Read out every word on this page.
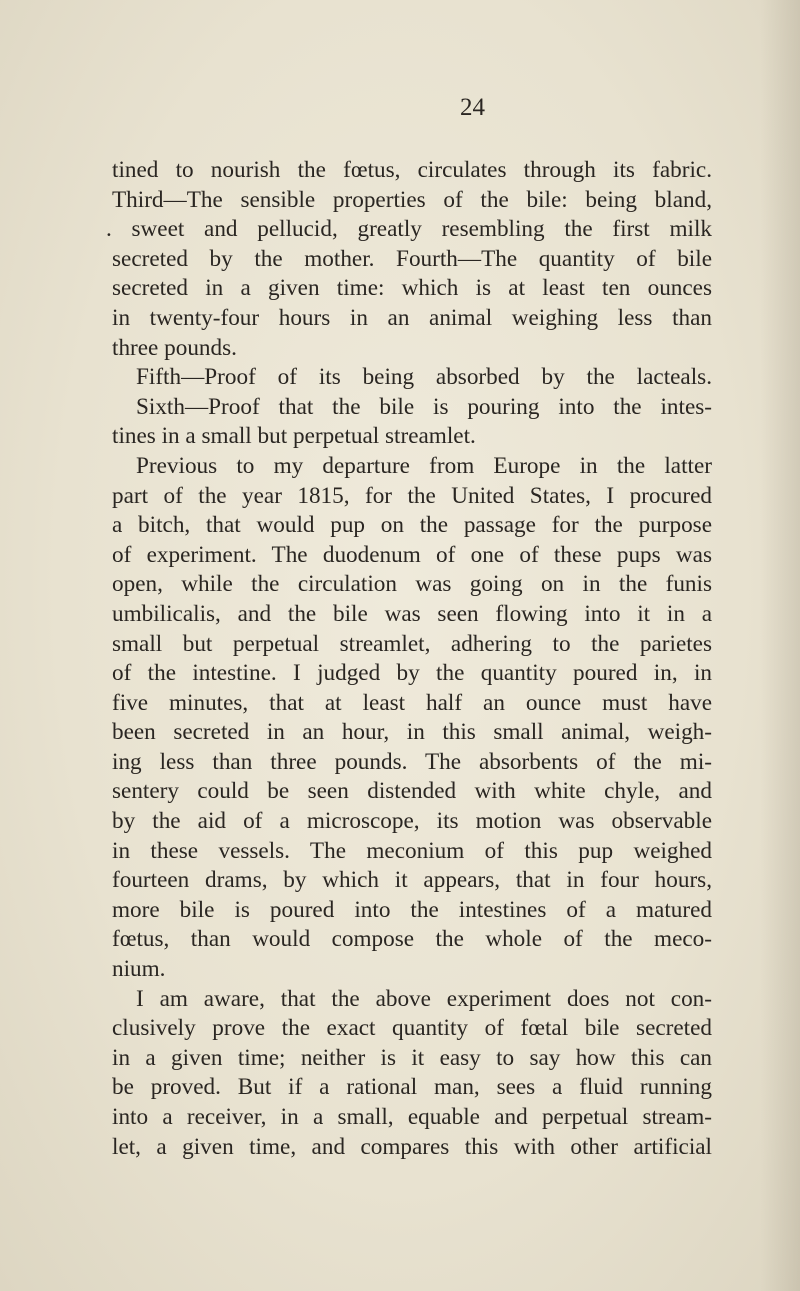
24
tined to nourish the fœtus, circulates through its fabric.
Third—The sensible properties of the bile: being bland,
. sweet and pellucid, greatly resembling the first milk
secreted by the mother. Fourth—The quantity of bile
secreted in a given time: which is at least ten ounces
in twenty-four hours in an animal weighing less than
three pounds.
Fifth—Proof of its being absorbed by the lacteals.
Sixth—Proof that the bile is pouring into the intes-
tines in a small but perpetual streamlet.
Previous to my departure from Europe in the latter
part of the year 1815, for the United States, I procured
a bitch, that would pup on the passage for the purpose
of experiment. The duodenum of one of these pups was
open, while the circulation was going on in the funis
umbilicalis, and the bile was seen flowing into it in a
small but perpetual streamlet, adhering to the parietes
of the intestine. I judged by the quantity poured in, in
five minutes, that at least half an ounce must have
been secreted in an hour, in this small animal, weigh-
ing less than three pounds. The absorbents of the mi-
sentery could be seen distended with white chyle, and
by the aid of a microscope, its motion was observable
in these vessels. The meconium of this pup weighed
fourteen drams, by which it appears, that in four hours,
more bile is poured into the intestines of a matured
fœtus, than would compose the whole of the meco-
nium.
I am aware, that the above experiment does not con-
clusively prove the exact quantity of fœtal bile secreted
in a given time; neither is it easy to say how this can
be proved. But if a rational man, sees a fluid running
into a receiver, in a small, equable and perpetual stream-
let, a given time, and compares this with other artificial
